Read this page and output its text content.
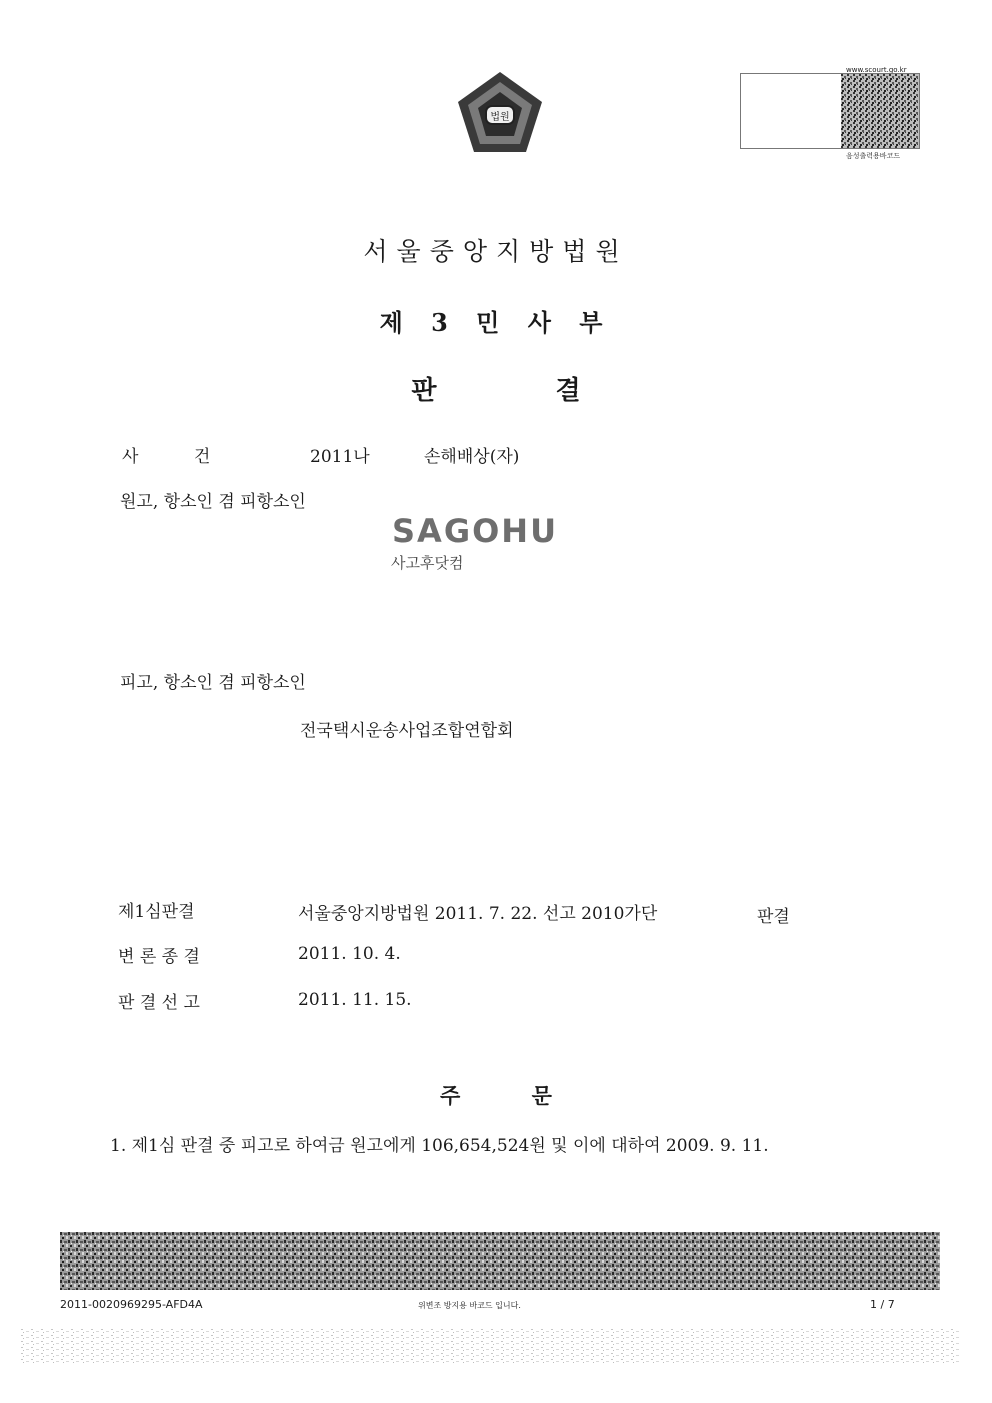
법원
www.scourt.go.kr
음성출력용바코드
서울중앙지방법원
제 3 민 사 부
판 결
사 건	2011나	손해배상(자)
원고, 항소인 겸 피항소인
SAGOHU
사고후닷컴
피고, 항소인 겸 피항소인
전국택시운송사업조합연합회
제1심판결	서울중앙지방법원 2011. 7. 22. 선고 2010가단	판결
변 론 종 결	2011. 10. 4.
판 결 선 고	2011. 11. 15.
주 문
1. 제1심 판결 중 피고로 하여금 원고에게 106,654,524원 및 이에 대하여 2009. 9. 11.
2011-0020969295-AFD4A	위변조 방지용 바코드 입니다.	1 / 7
